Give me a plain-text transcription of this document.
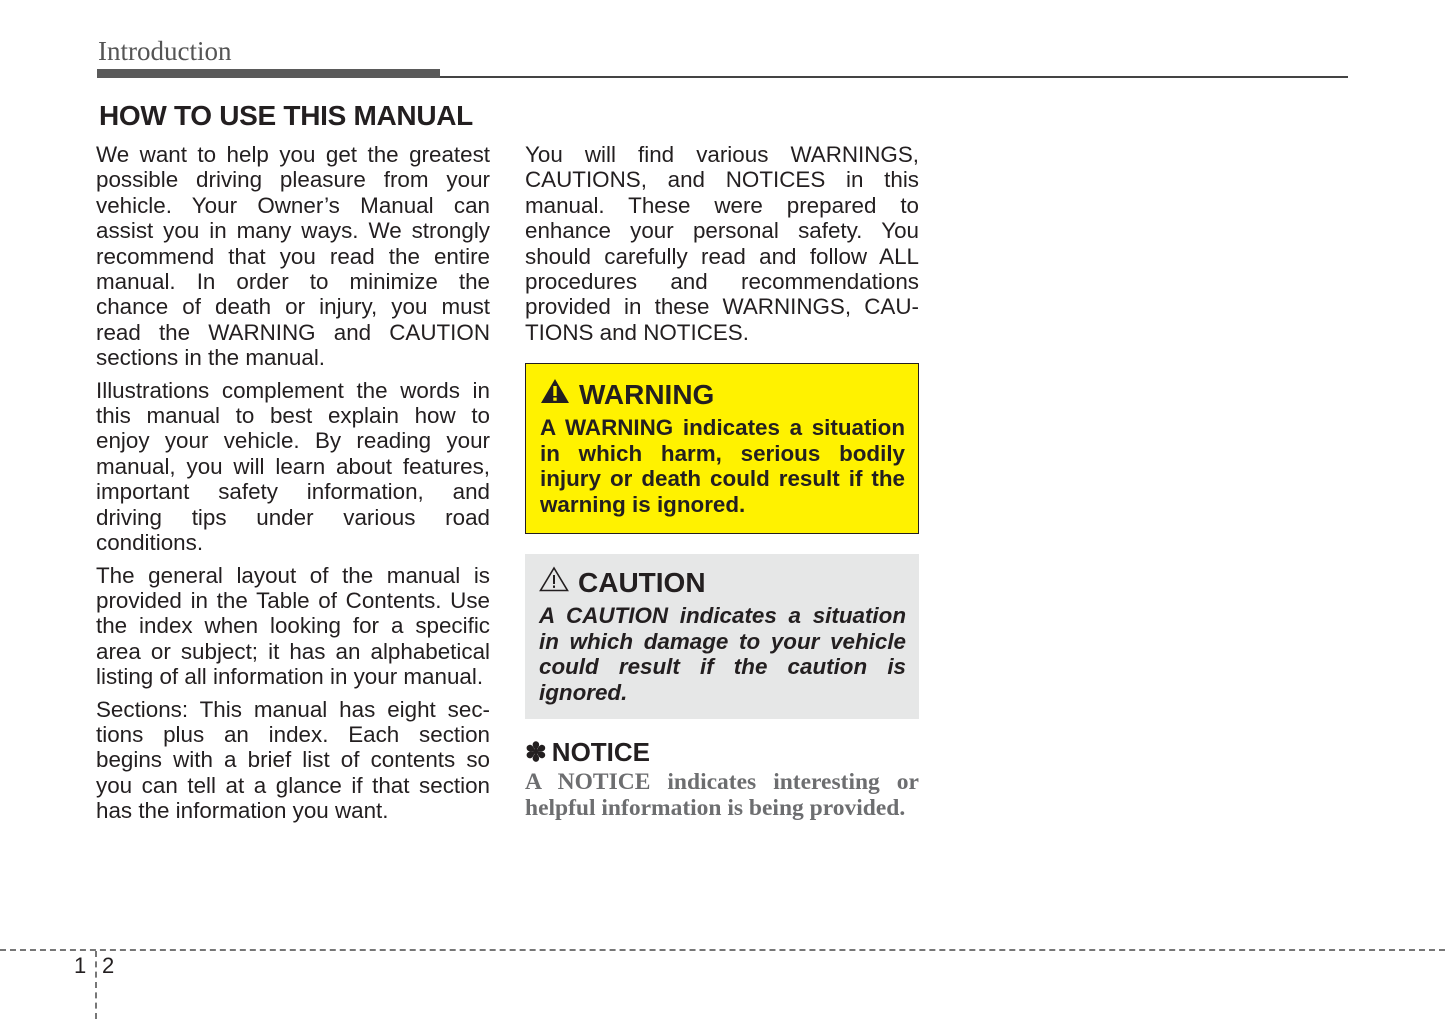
Introduction
HOW TO USE THIS MANUAL

We want to help you get the greatest possible driving pleasure from your vehicle. Your Owner’s Manual can assist you in many ways. We strongly recommend that you read the entire manual. In order to minimize the chance of death or injury, you must read the WARNING and CAUTION sections in the manual.

Illustrations complement the words in this manual to best explain how to enjoy your vehicle. By reading your manual, you will learn about features, important safety information, and driving tips under various road conditions.

The general layout of the manual is provided in the Table of Contents. Use the index when looking for a specific area or subject; it has an alphabetical listing of all information in your manual.

Sections: This manual has eight sections plus an index. Each section begins with a brief list of contents so you can tell at a glance if that section has the information you want.

You will find various WARNINGS, CAUTIONS, and NOTICES in this manual. These were prepared to enhance your personal safety. You should carefully read and follow ALL procedures and recommendations provided in these WARNINGS, CAUTIONS and NOTICES.

WARNING

A WARNING indicates a situation in which harm, serious bodily injury or death could result if the warning is ignored.

CAUTION

A CAUTION indicates a situation in which damage to your vehicle could result if the caution is ignored.

✽ NOTICE

A NOTICE indicates interesting or helpful information is being provided.

1 2
